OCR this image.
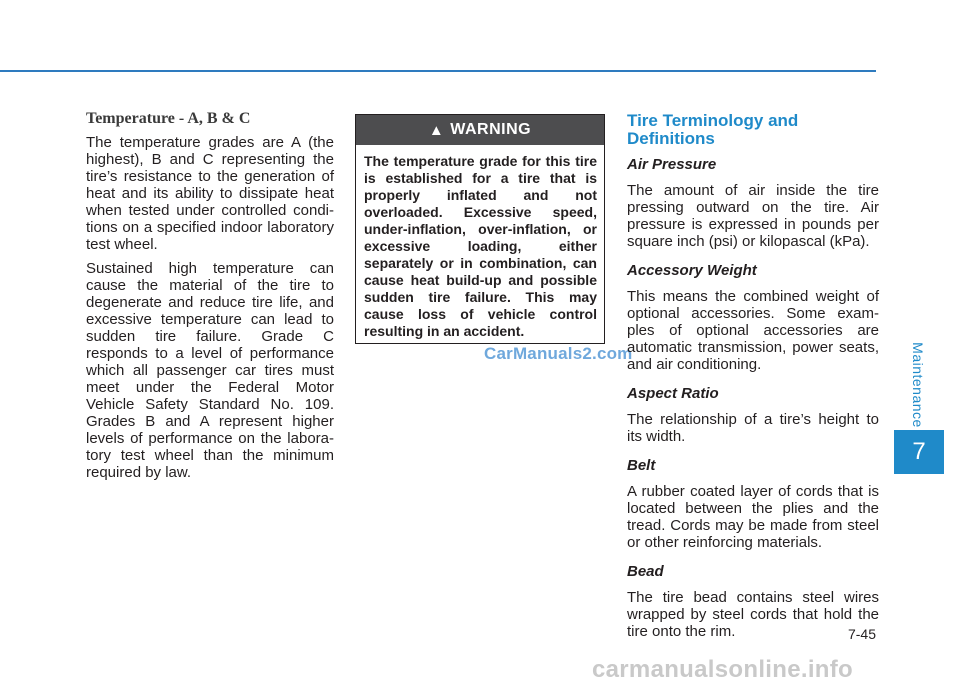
Temperature - A, B & C

The temperature grades are A (the highest), B and C representing the tire’s resistance to the generation of heat and its ability to dissipate heat when tested under controlled condi- tions on a specified indoor laboratory test wheel.

Sustained high temperature can cause the material of the tire to degenerate and reduce tire life, and excessive temperature can lead to sudden tire failure. Grade C responds to a level of performance which all passenger car tires must meet under the Federal Motor Vehicle Safety Standard No. 109. Grades B and A represent higher levels of performance on the labora- tory test wheel than the minimum required by law.

▲ WARNING
The temperature grade for this tire is established for a tire that is properly inflated and not overloaded. Excessive speed, under-inflation, over-inflation, or excessive loading, either separately or in combination, can cause heat build-up and possible sudden tire failure. This may cause loss of vehicle control resulting in an accident.
CarManuals2.com
Tire Terminology and Definitions
Air Pressure

The amount of air inside the tire pressing outward on the tire. Air pressure is expressed in pounds per square inch (psi) or kilopascal (kPa).

Accessory Weight

This means the combined weight of optional accessories. Some exam- ples of optional accessories are automatic transmission, power seats, and air conditioning.

Aspect Ratio

The relationship of a tire’s height to its width.

Belt

A rubber coated layer of cords that is located between the plies and the tread. Cords may be made from steel or other reinforcing materials.

Bead

The tire bead contains steel wires wrapped by steel cords that hold the tire onto the rim.

Maintenance
7
7-45
carmanualsonline.info
